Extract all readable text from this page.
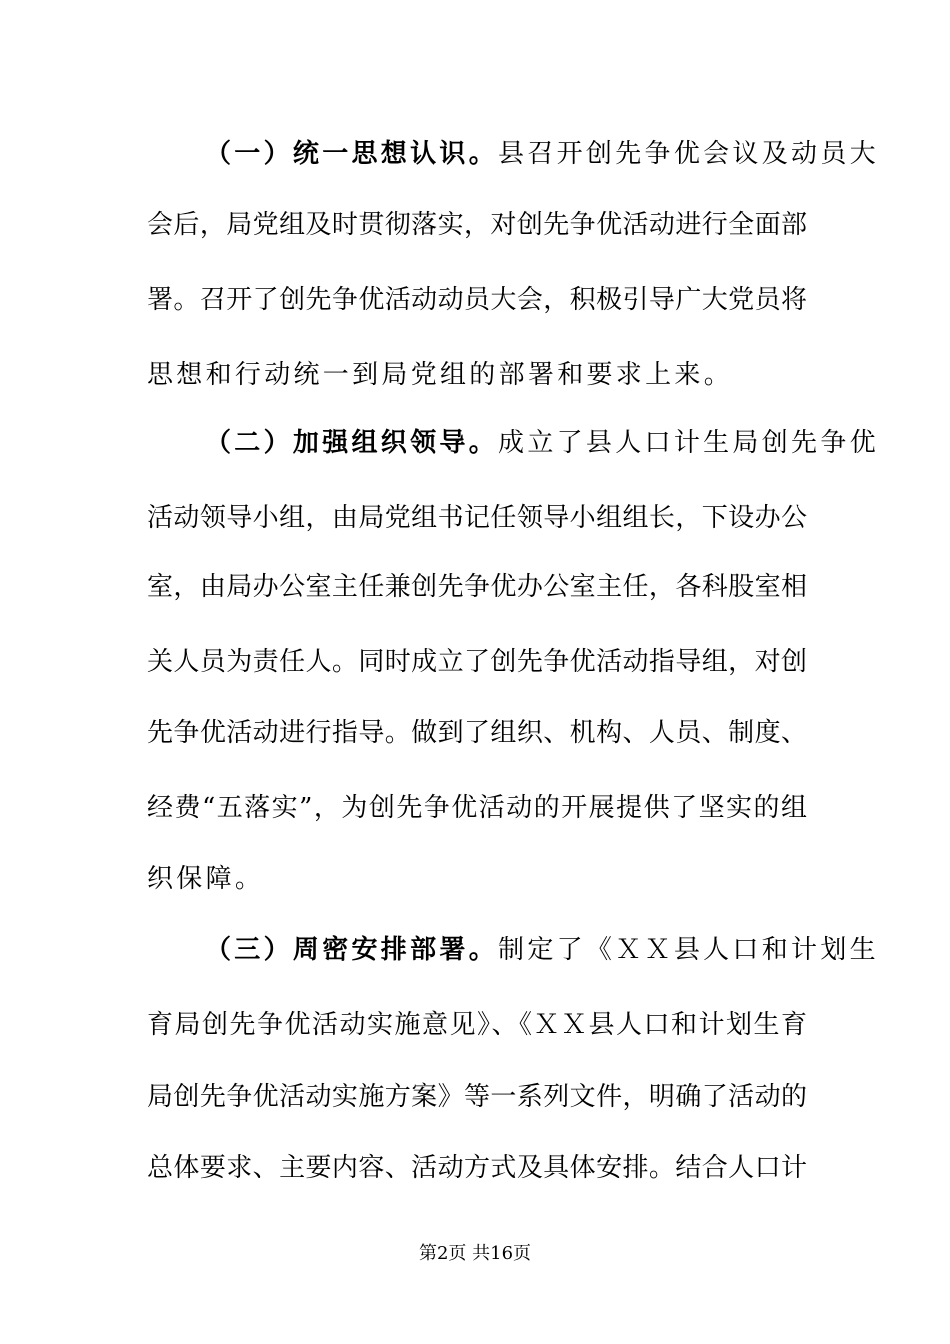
（一）统一思想认识。县召开创先争优会议及动员大
会后，局党组及时贯彻落实，对创先争优活动进行全面部
署。召开了创先争优活动动员大会，积极引导广大党员将
思想和行动统一到局党组的部署和要求上来。
（二）加强组织领导。成立了县人口计生局创先争优
活动领导小组，由局党组书记任领导小组组长，下设办公
室，由局办公室主任兼创先争优办公室主任，各科股室相
关人员为责任人。同时成立了创先争优活动指导组，对创
先争优活动进行指导。做到了组织、机构、人员、制度、
经费“五落实”，为创先争优活动的开展提供了坚实的组
织保障。
（三）周密安排部署。制定了《ＸＸ县人口和计划生
育局创先争优活动实施意见》、《ＸＸ县人口和计划生育
局创先争优活动实施方案》等一系列文件，明确了活动的
总体要求、主要内容、活动方式及具体安排。结合人口计
第2页 共16页
